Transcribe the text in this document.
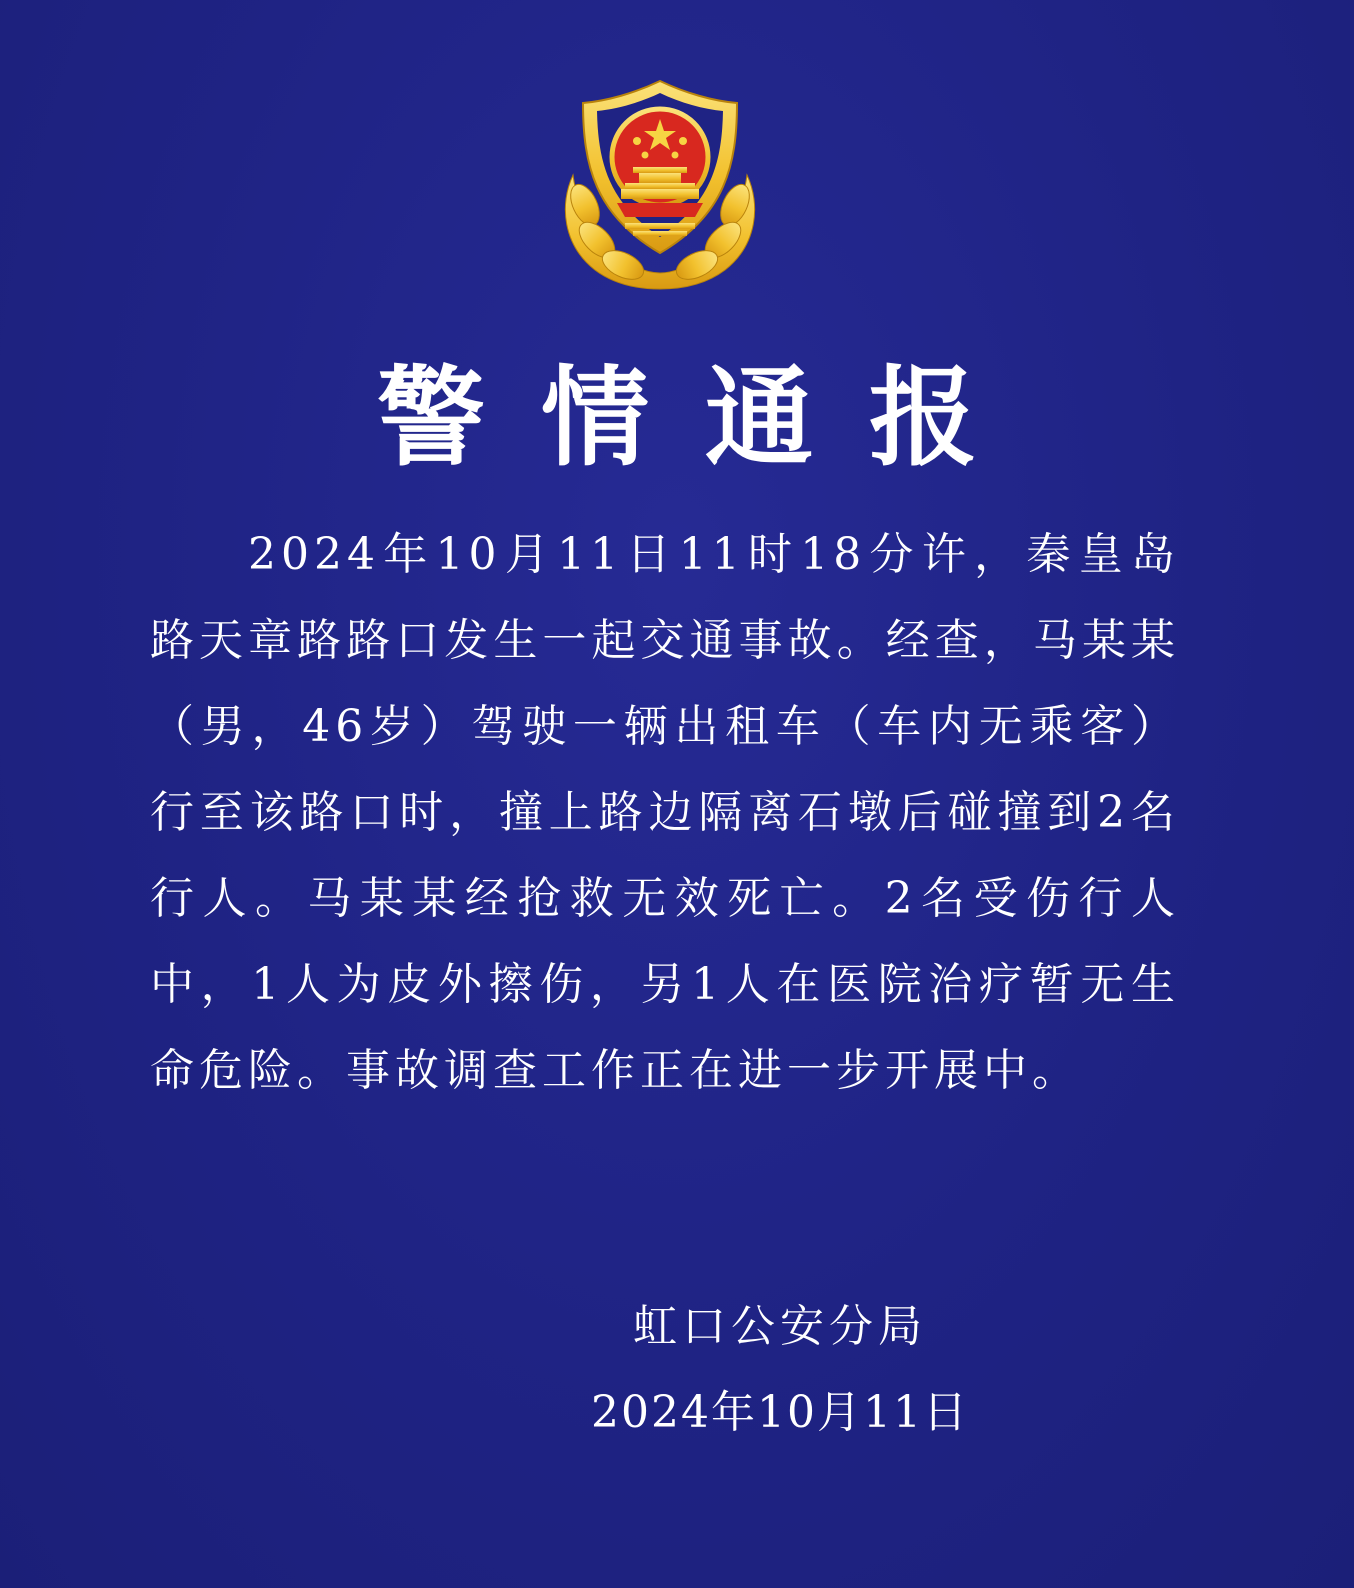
警情通报

2024年10月11日11时18分许，秦皇岛路天章路路口发生一起交通事故。经查，马某某（男，46岁）驾驶一辆出租车（车内无乘客）行至该路口时，撞上路边隔离石墩后碰撞到2名行人。马某某经抢救无效死亡。2名受伤行人中，1人为皮外擦伤，另1人在医院治疗暂无生命危险。事故调查工作正在进一步开展中。

虹口公安分局
2024年10月11日
